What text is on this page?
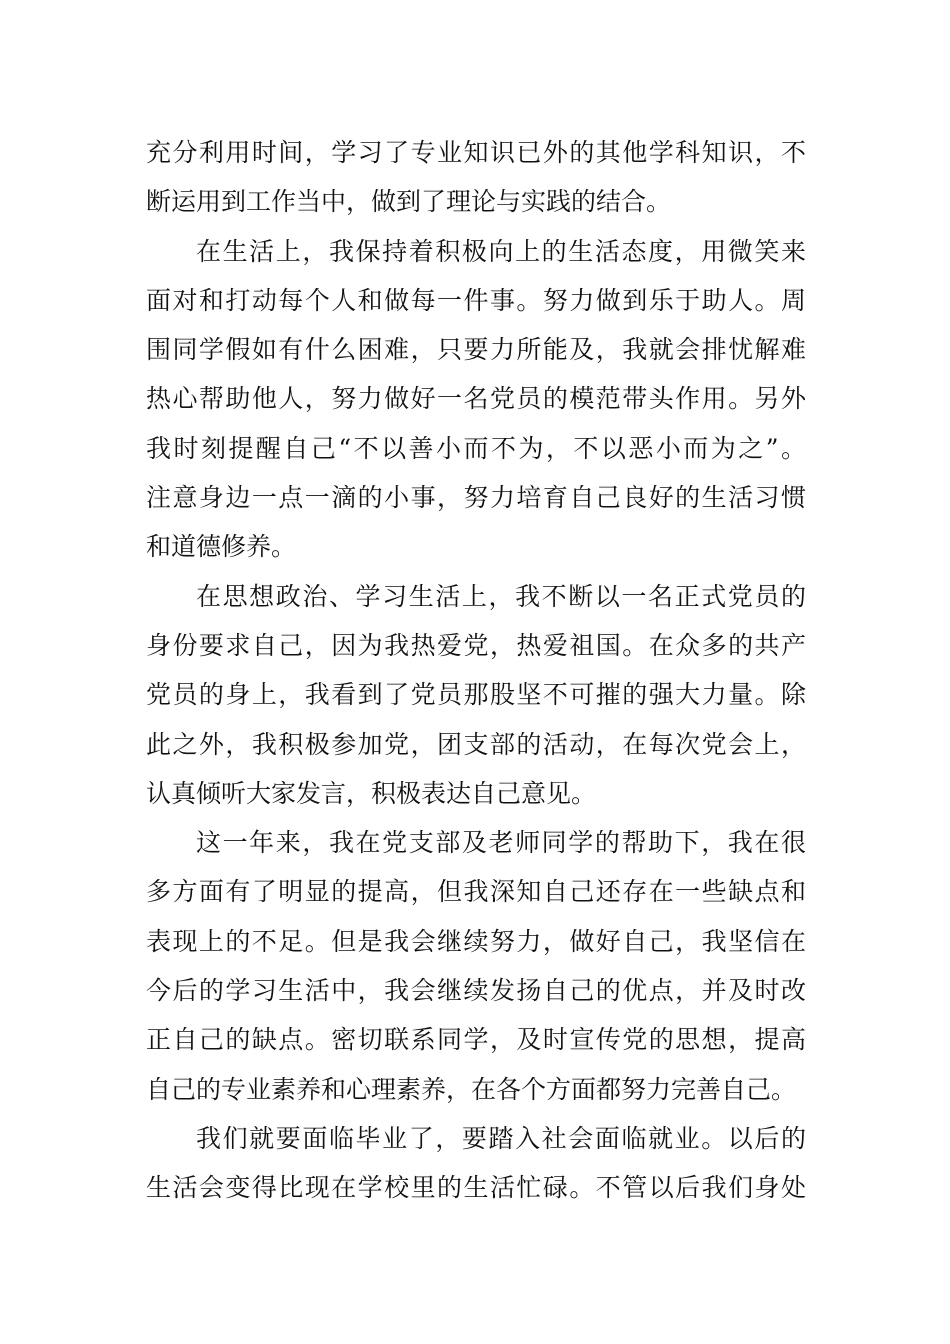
充分利用时间，学习了专业知识已外的其他学科知识，不
断运用到工作当中，做到了理论与实践的结合。
在生活上，我保持着积极向上的生活态度，用微笑来
面对和打动每个人和做每一件事。努力做到乐于助人。周
围同学假如有什么困难，只要力所能及，我就会排忧解难
热心帮助他人，努力做好一名党员的模范带头作用。另外
我时刻提醒自己“不以善小而不为，不以恶小而为之”。
注意身边一点一滴的小事，努力培育自己良好的生活习惯
和道德修养。
在思想政治、学习生活上，我不断以一名正式党员的
身份要求自己，因为我热爱党，热爱祖国。在众多的共产
党员的身上，我看到了党员那股坚不可摧的强大力量。除
此之外，我积极参加党，团支部的活动，在每次党会上，
认真倾听大家发言，积极表达自己意见。
这一年来，我在党支部及老师同学的帮助下，我在很
多方面有了明显的提高，但我深知自己还存在一些缺点和
表现上的不足。但是我会继续努力，做好自己，我坚信在
今后的学习生活中，我会继续发扬自己的优点，并及时改
正自己的缺点。密切联系同学，及时宣传党的思想，提高
自己的专业素养和心理素养，在各个方面都努力完善自己。
我们就要面临毕业了，要踏入社会面临就业。以后的
生活会变得比现在学校里的生活忙碌。不管以后我们身处
